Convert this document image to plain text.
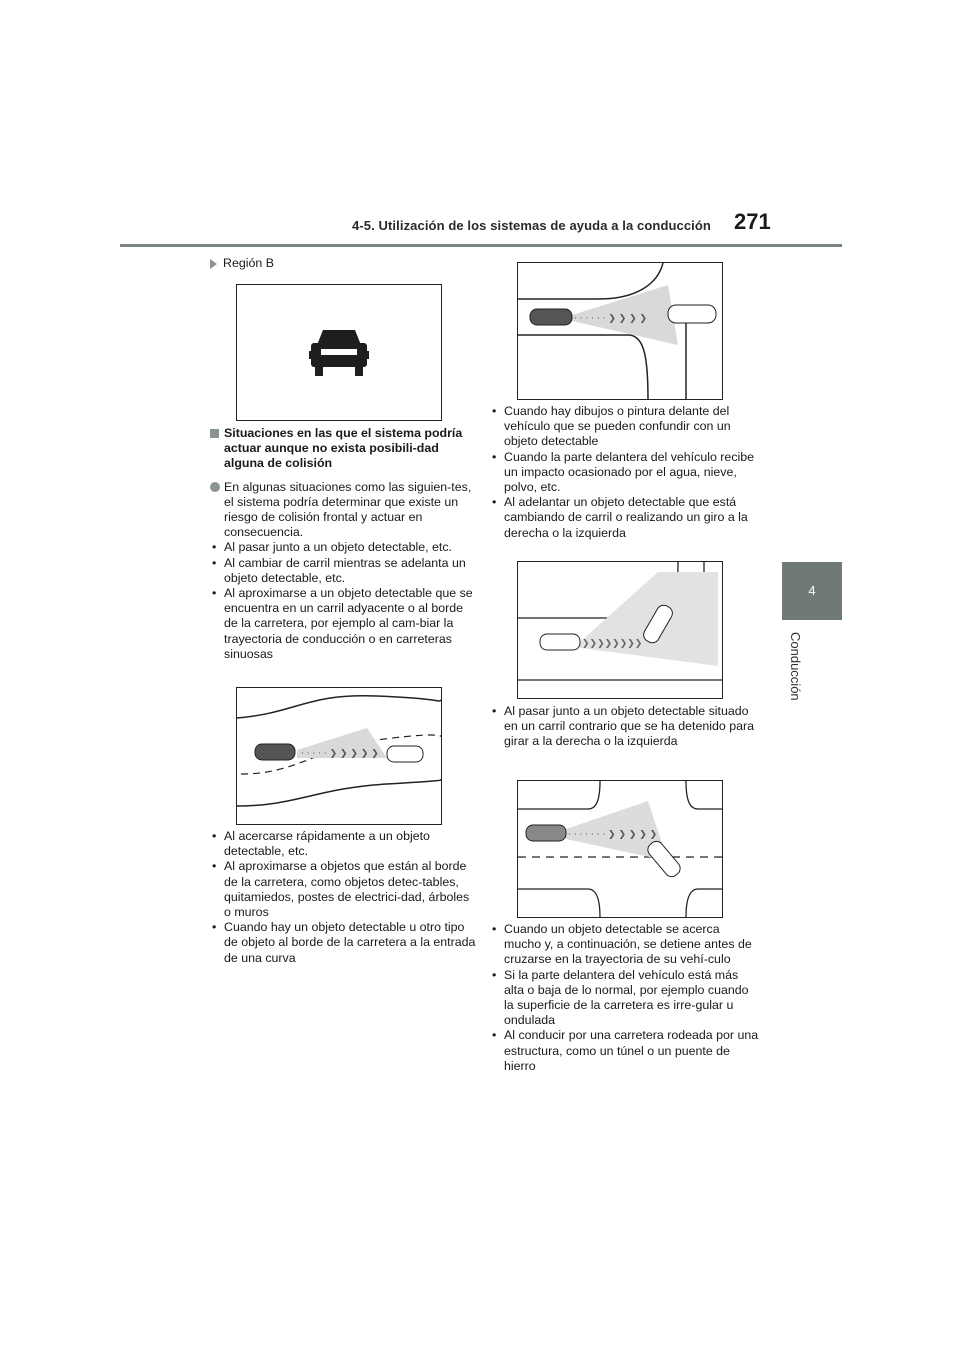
4-5. Utilización de los sistemas de ayuda a la conducción 271
4
Conducción
Región B
Situaciones en las que el sistema podría actuar aunque no exista posibili-dad alguna de colisión
En algunas situaciones como las siguien-tes, el sistema podría determinar que existe un riesgo de colisión frontal y actuar en consecuencia.
• Al pasar junto a un objeto detectable, etc.
• Al cambiar de carril mientras se adelanta un objeto detectable, etc.
• Al aproximarse a un objeto detectable que se encuentra en un carril adyacente o al borde de la carretera, por ejemplo al cam-biar la trayectoria de conducción o en carreteras sinuosas
· · · · · ❯ ❯ ❯ ❯ ❯
• Al acercarse rápidamente a un objeto detectable, etc.
• Al aproximarse a objetos que están al borde de la carretera, como objetos detec-tables, quitamiedos, postes de electrici-dad, árboles o muros
• Cuando hay un objeto detectable u otro tipo de objeto al borde de la carretera a la entrada de una curva
· · · · · · ❯ ❯ ❯ ❯
• Cuando hay dibujos o pintura delante del vehículo que se pueden confundir con un objeto detectable
• Cuando la parte delantera del vehículo recibe un impacto ocasionado por el agua, nieve, polvo, etc.
• Al adelantar un objeto detectable que está cambiando de carril o realizando un giro a la derecha o la izquierda
❯❯❯❯❯❯❯❯
• Al pasar junto a un objeto detectable situado en un carril contrario que se ha detenido para girar a la derecha o la izquierda
· · · · · · · ❯ ❯ ❯ ❯ ❯
• Cuando un objeto detectable se acerca mucho y, a continuación, se detiene antes de cruzarse en la trayectoria de su vehí-culo
• Si la parte delantera del vehículo está más alta o baja de lo normal, por ejemplo cuando la superficie de la carretera es irre-gular u ondulada
• Al conducir por una carretera rodeada por una estructura, como un túnel o un puente de hierro
